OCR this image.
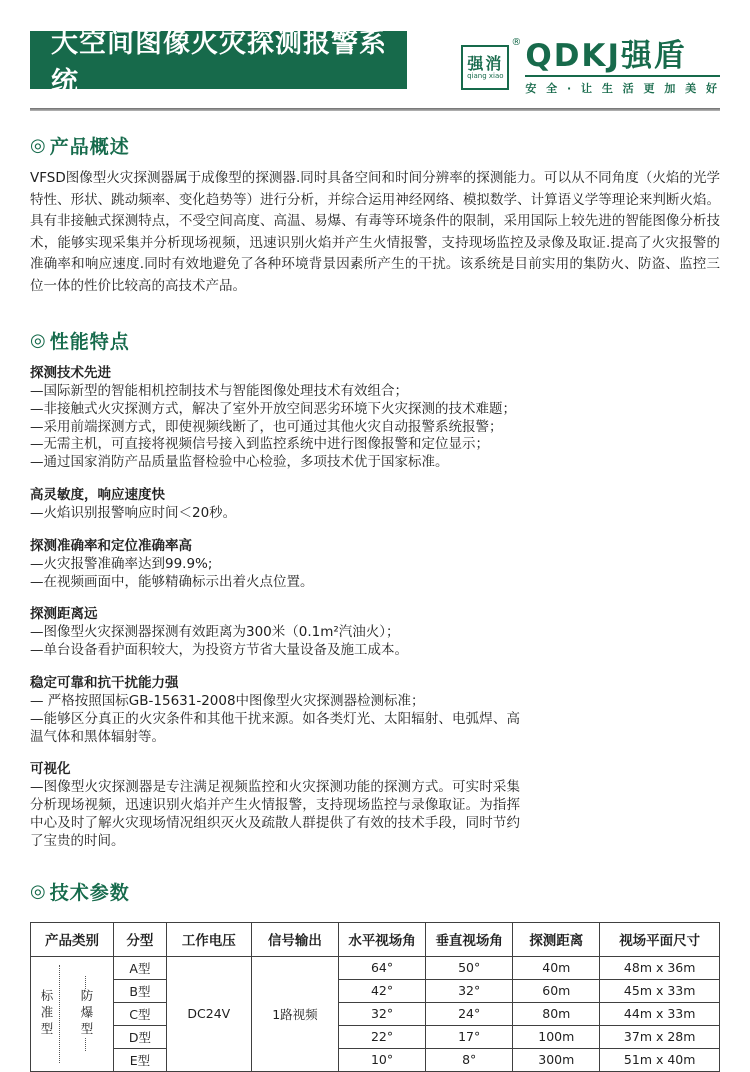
大空间图像火灾探测报警系统
强消
qiang xiao
® QDKJ强盾
安 全 · 让 生 活 更 加 美 好
◎ 产品概述

VFSD图像型火灾探测器属于成像型的探测器.同时具备空间和时间分辨率的探测能力。可以从不同角度（火焰的光学特性、形状、跳动频率、变化趋势等）进行分析，并综合运用神经网络、模拟数学、计算语义学等理论来判断火焰。具有非接触式探测特点，不受空间高度、高温、易爆、有毒等环境条件的限制，采用国际上较先进的智能图像分析技术，能够实现采集并分析现场视频，迅速识别火焰并产生火情报警，支持现场监控及录像及取证.提高了火灾报警的准确率和响应速度.同时有效地避免了各种环境背景因素所产生的干扰。该系统是目前实用的集防火、防盗、监控三位一体的性价比较高的高技术产品。

◎ 性能特点
探测技术先进
—国际新型的智能相机控制技术与智能图像处理技术有效组合；
—非接触式火灾探测方式，解决了室外开放空间恶劣环境下火灾探测的技术难题；
—采用前端探测方式，即使视频线断了，也可通过其他火灾自动报警系统报警；
—无需主机，可直接将视频信号接入到监控系统中进行图像报警和定位显示；
—通过国家消防产品质量监督检验中心检验，多项技术优于国家标准。
高灵敏度，响应速度快
—火焰识别报警响应时间＜20秒。
探测准确率和定位准确率高
—火灾报警准确率达到99.9%;
—在视频画面中，能够精确标示出着火点位置。
探测距离远
—图像型火灾探测器探测有效距离为300米（0.1m²汽油火）；
—单台设备看护面积较大，为投资方节省大量设备及施工成本。
稳定可靠和抗干扰能力强
— 严格按照国标GB-15631-2008中图像型火灾探测器检测标准；
—能够区分真正的火灾条件和其他干扰来源。如各类灯光、太阳辐射、电弧焊、高温气体和黑体辐射等。
可视化
—图像型火灾探测器是专注满足视频监控和火灾探测功能的探测方式。可实时采集分析现场视频，迅速识别火焰并产生火情报警，支持现场监控与录像取证。为指挥中心及时了解火灾现场情况组织灭火及疏散人群提供了有效的技术手段，同时节约了宝贵的时间。
◎ 技术参数
产品类别	分型	工作电压	信号输出	水平视场角	垂直视场角	探测距离	视场平面尺寸

标准型 防爆型	A型	DC24V	1路视频	64°	50°	40m	48m x 36m
	B型			42°	32°	60m	45m x 33m
	C型			32°	24°	80m	44m x 33m
	D型			22°	17°	100m	37m x 28m
	E型			10°	8°	300m	51m x 40m
